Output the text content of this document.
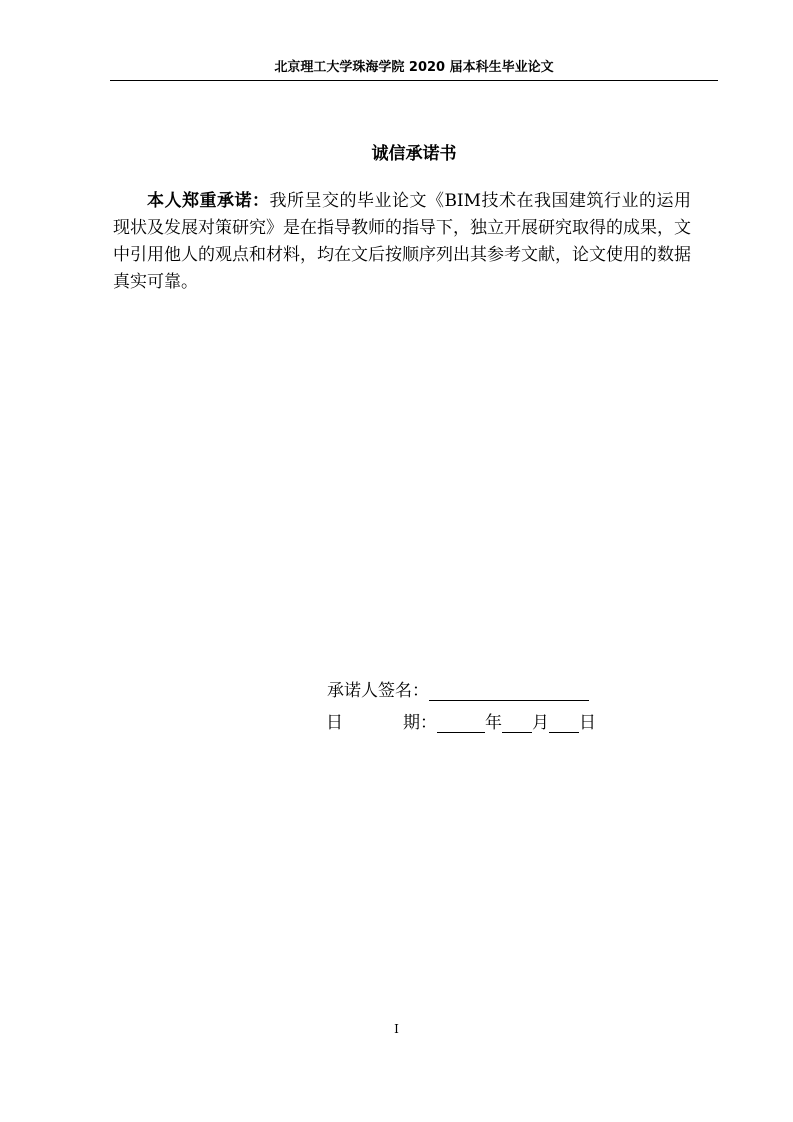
北京理工大学珠海学院 2020 届本科生毕业论文
诚信承诺书

本人郑重承诺：我所呈交的毕业论文《BIM技术在我国建筑行业的运用现状及发展对策研究》是在指导教师的指导下，独立开展研究取得的成果，文中引用他人的观点和材料，均在文后按顺序列出其参考文献，论文使用的数据真实可靠。

承诺人签名：
日	期：	年 月 日
I
